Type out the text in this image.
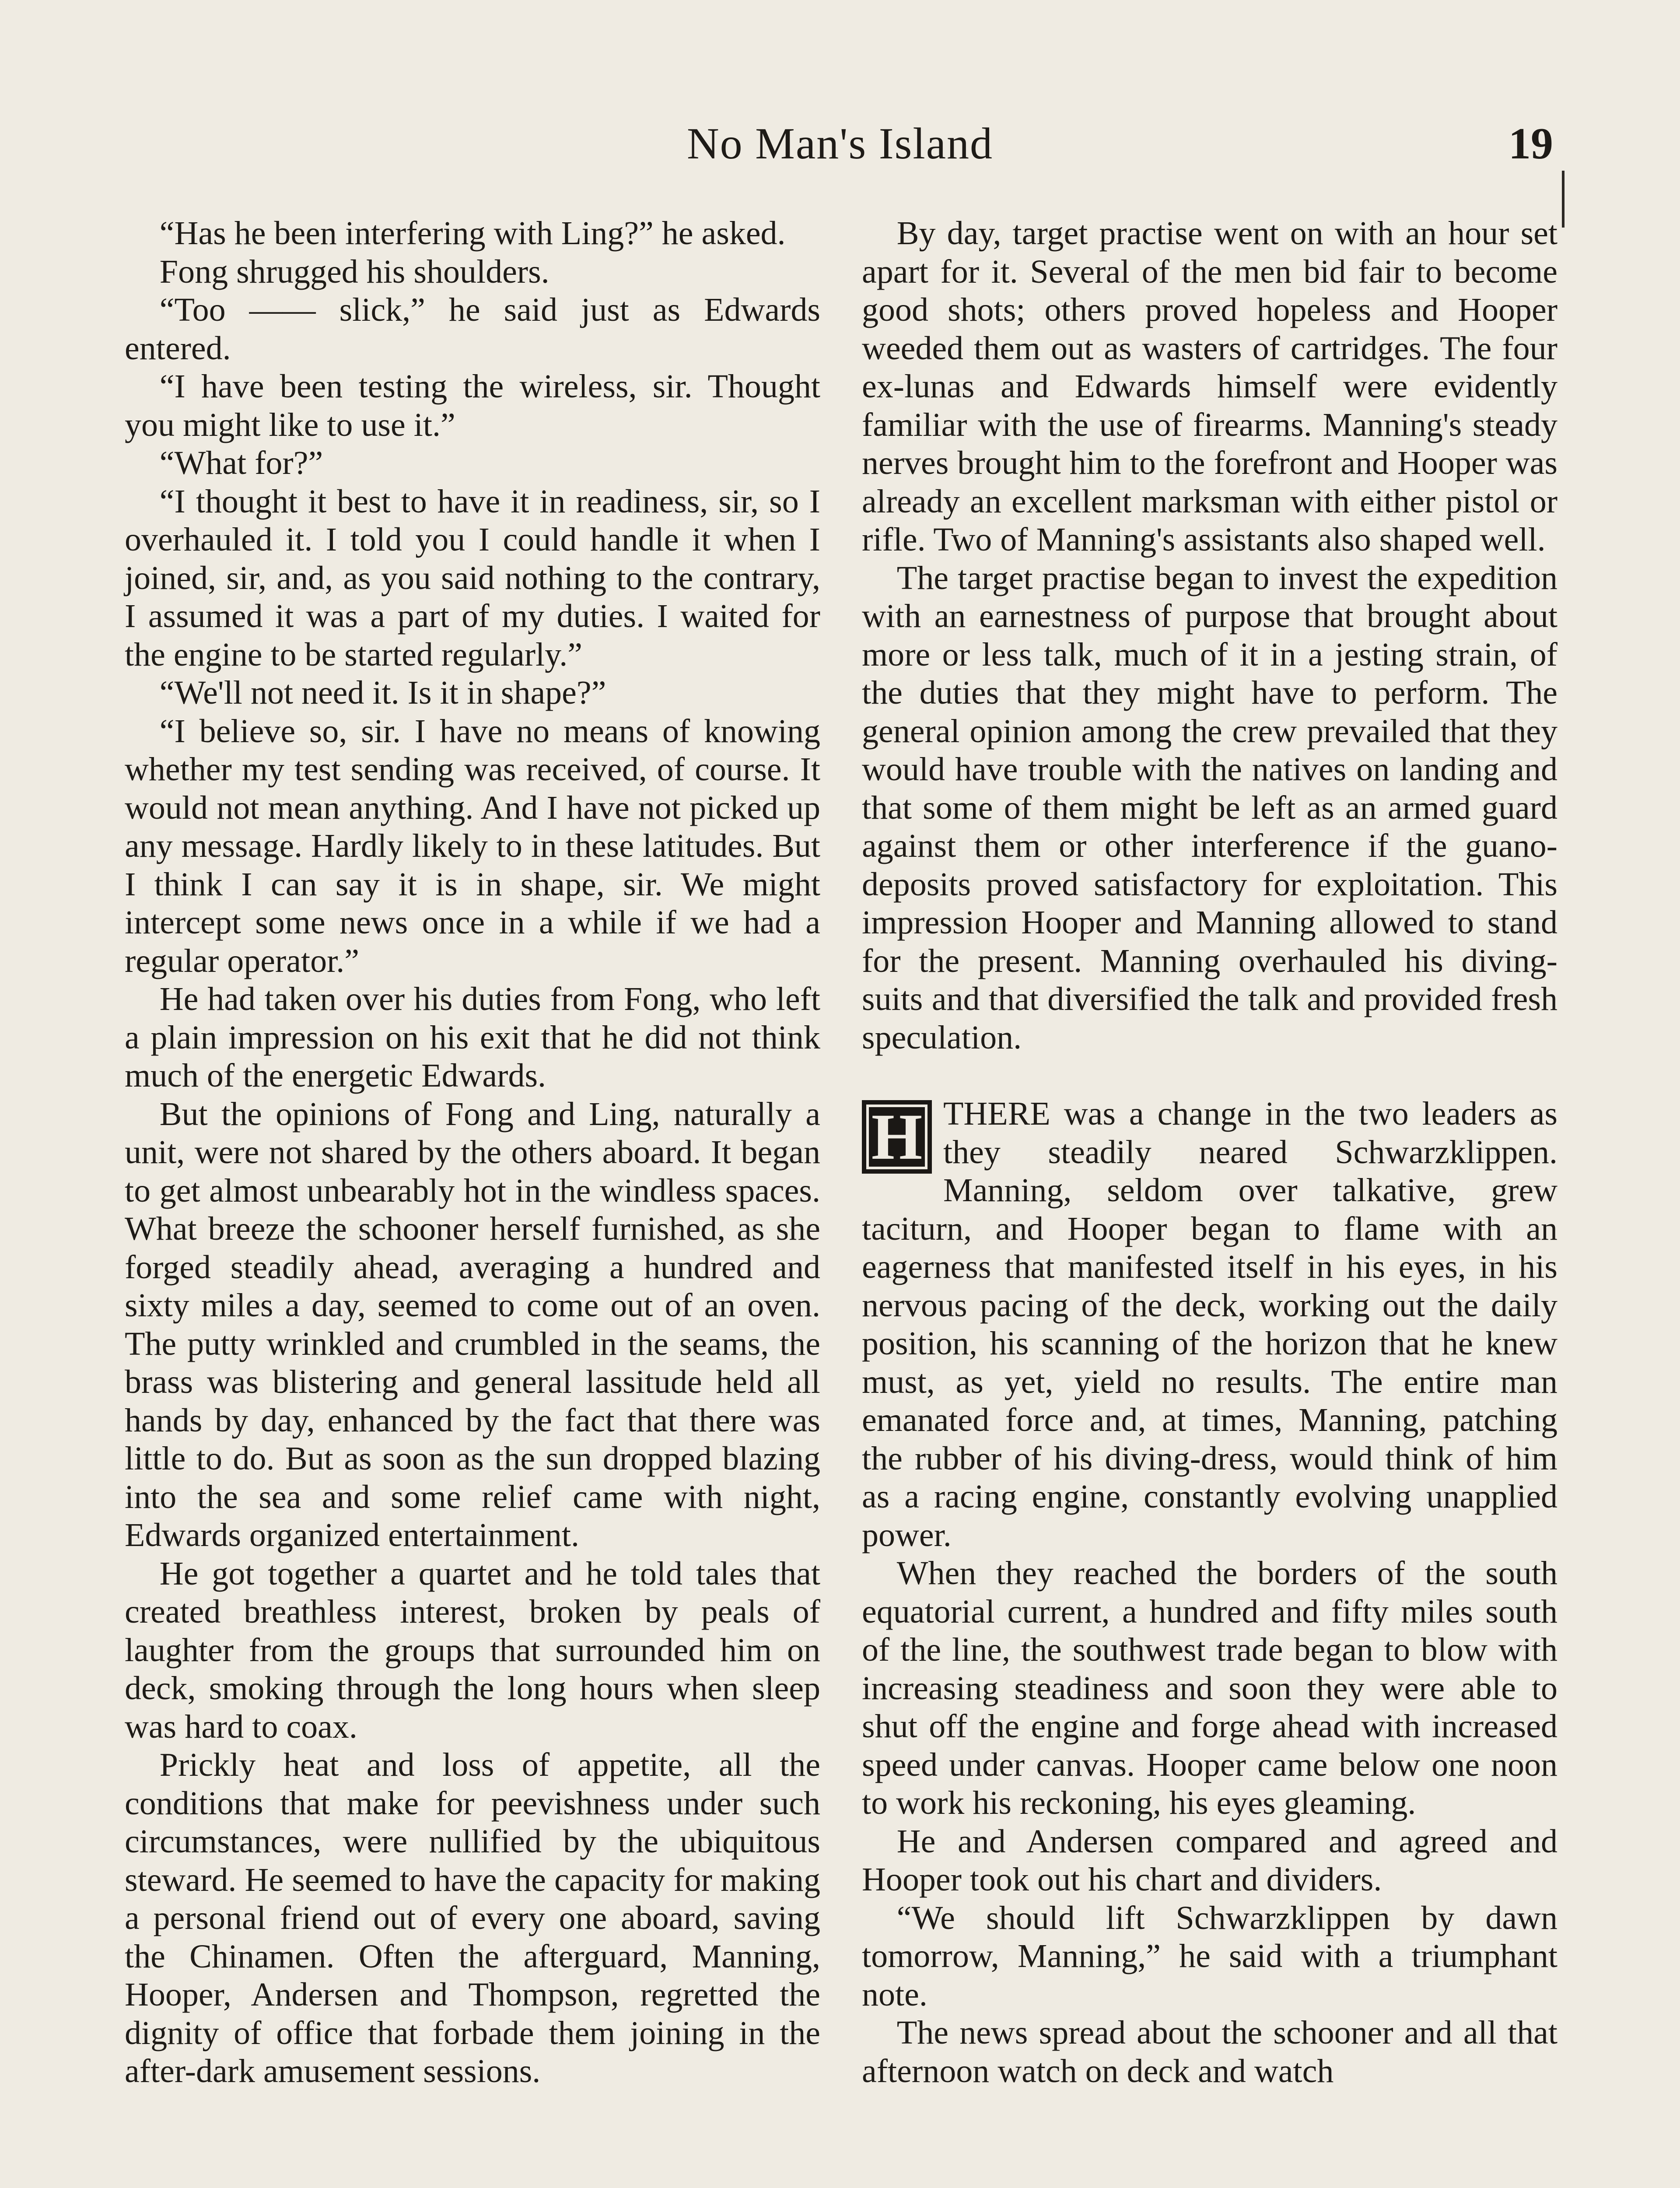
No Man's Island	19

“Has he been interfering with Ling?” he asked.

Fong shrugged his shoulders.

“Too —— slick,” he said just as Edwards entered.

“I have been testing the wireless, sir. Thought you might like to use it.”

“What for?”

“I thought it best to have it in readiness, sir, so I overhauled it. I told you I could handle it when I joined, sir, and, as you said nothing to the contrary, I assumed it was a part of my duties. I waited for the engine to be started regularly.”

“We'll not need it. Is it in shape?”

“I believe so, sir. I have no means of knowing whether my test sending was received, of course. It would not mean anything. And I have not picked up any message. Hardly likely to in these latitudes. But I think I can say it is in shape, sir. We might intercept some news once in a while if we had a regular operator.”

He had taken over his duties from Fong, who left a plain impression on his exit that he did not think much of the energetic Edwards.

But the opinions of Fong and Ling, naturally a unit, were not shared by the others aboard. It began to get almost unbearably hot in the windless spaces. What breeze the schooner herself furnished, as she forged steadily ahead, averaging a hundred and sixty miles a day, seemed to come out of an oven. The putty wrinkled and crumbled in the seams, the brass was blistering and general lassitude held all hands by day, enhanced by the fact that there was little to do. But as soon as the sun dropped blazing into the sea and some relief came with night, Edwards organized entertainment.

He got together a quartet and he told tales that created breathless interest, broken by peals of laughter from the groups that surrounded him on deck, smoking through the long hours when sleep was hard to coax.

Prickly heat and loss of appetite, all the conditions that make for peevishness under such circumstances, were nullified by the ubiquitous steward. He seemed to have the capacity for making a personal friend out of every one aboard, saving the Chinamen. Often the afterguard, Manning, Hooper, Andersen and Thompson, regretted the dignity of office that forbade them joining in the after-dark amusement sessions.

By day, target practise went on with an hour set apart for it. Several of the men bid fair to become good shots; others proved hopeless and Hooper weeded them out as wasters of cartridges. The four ex-lunas and Edwards himself were evidently familiar with the use of firearms. Manning's steady nerves brought him to the forefront and Hooper was already an excellent marksman with either pistol or rifle. Two of Manning's assistants also shaped well.

The target practise began to invest the expedition with an earnestness of purpose that brought about more or less talk, much of it in a jesting strain, of the duties that they might have to perform. The general opinion among the crew prevailed that they would have trouble with the natives on landing and that some of them might be left as an armed guard against them or other interference if the guano-deposits proved satisfactory for exploitation. This impression Hooper and Manning allowed to stand for the present. Manning overhauled his diving-suits and that diversified the talk and provided fresh speculation.

H THERE was a change in the two leaders as they steadily neared Schwarzklippen. Manning, seldom over talkative, grew taciturn, and Hooper began to flame with an eagerness that manifested itself in his eyes, in his nervous pacing of the deck, working out the daily position, his scanning of the horizon that he knew must, as yet, yield no results. The entire man emanated force and, at times, Manning, patching the rubber of his diving-dress, would think of him as a racing engine, constantly evolving unapplied power.

When they reached the borders of the south equatorial current, a hundred and fifty miles south of the line, the southwest trade began to blow with increasing steadiness and soon they were able to shut off the engine and forge ahead with increased speed under canvas. Hooper came below one noon to work his reckoning, his eyes gleaming.

He and Andersen compared and agreed and Hooper took out his chart and dividers.

“We should lift Schwarzklippen by dawn tomorrow, Manning,” he said with a triumphant note.

The news spread about the schooner and all that afternoon watch on deck and watch
